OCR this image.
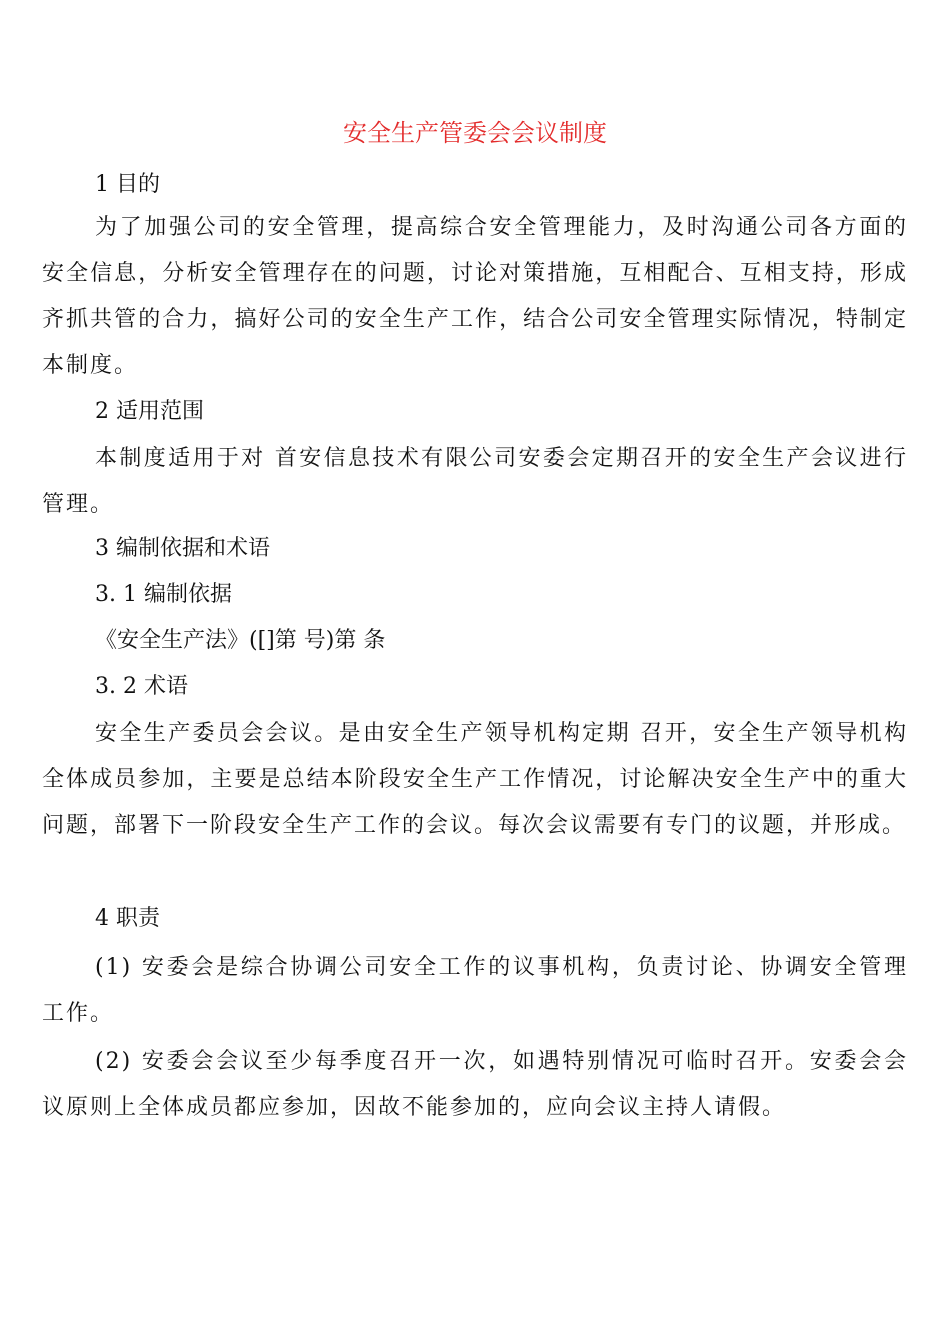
安全生产管委会会议制度
1 目的
为了加强公司的安全管理，提高综合安全管理能力，及时沟通公司各方面的安全信息，分析安全管理存在的问题，讨论对策措施，互相配合、互相支持，形成齐抓共管的合力，搞好公司的安全生产工作，结合公司安全管理实际情况，特制定本制度。
2 适用范围
本制度适用于对 首安信息技术有限公司安委会定期召开的安全生产会议进行管理。
3 编制依据和术语
3. 1 编制依据
《安全生产法》([]第 号)第 条
3. 2 术语
安全生产委员会会议。是由安全生产领导机构定期 召开，安全生产领导机构全体成员参加，主要是总结本阶段安全生产工作情况，讨论解决安全生产中的重大问题，部署下一阶段安全生产工作的会议。每次会议需要有专门的议题，并形成。
4 职责
(1) 安委会是综合协调公司安全工作的议事机构，负责讨论、协调安全管理工作。
(2) 安委会会议至少每季度召开一次，如遇特别情况可临时召开。安委会会议原则上全体成员都应参加，因故不能参加的，应向会议主持人请假。
